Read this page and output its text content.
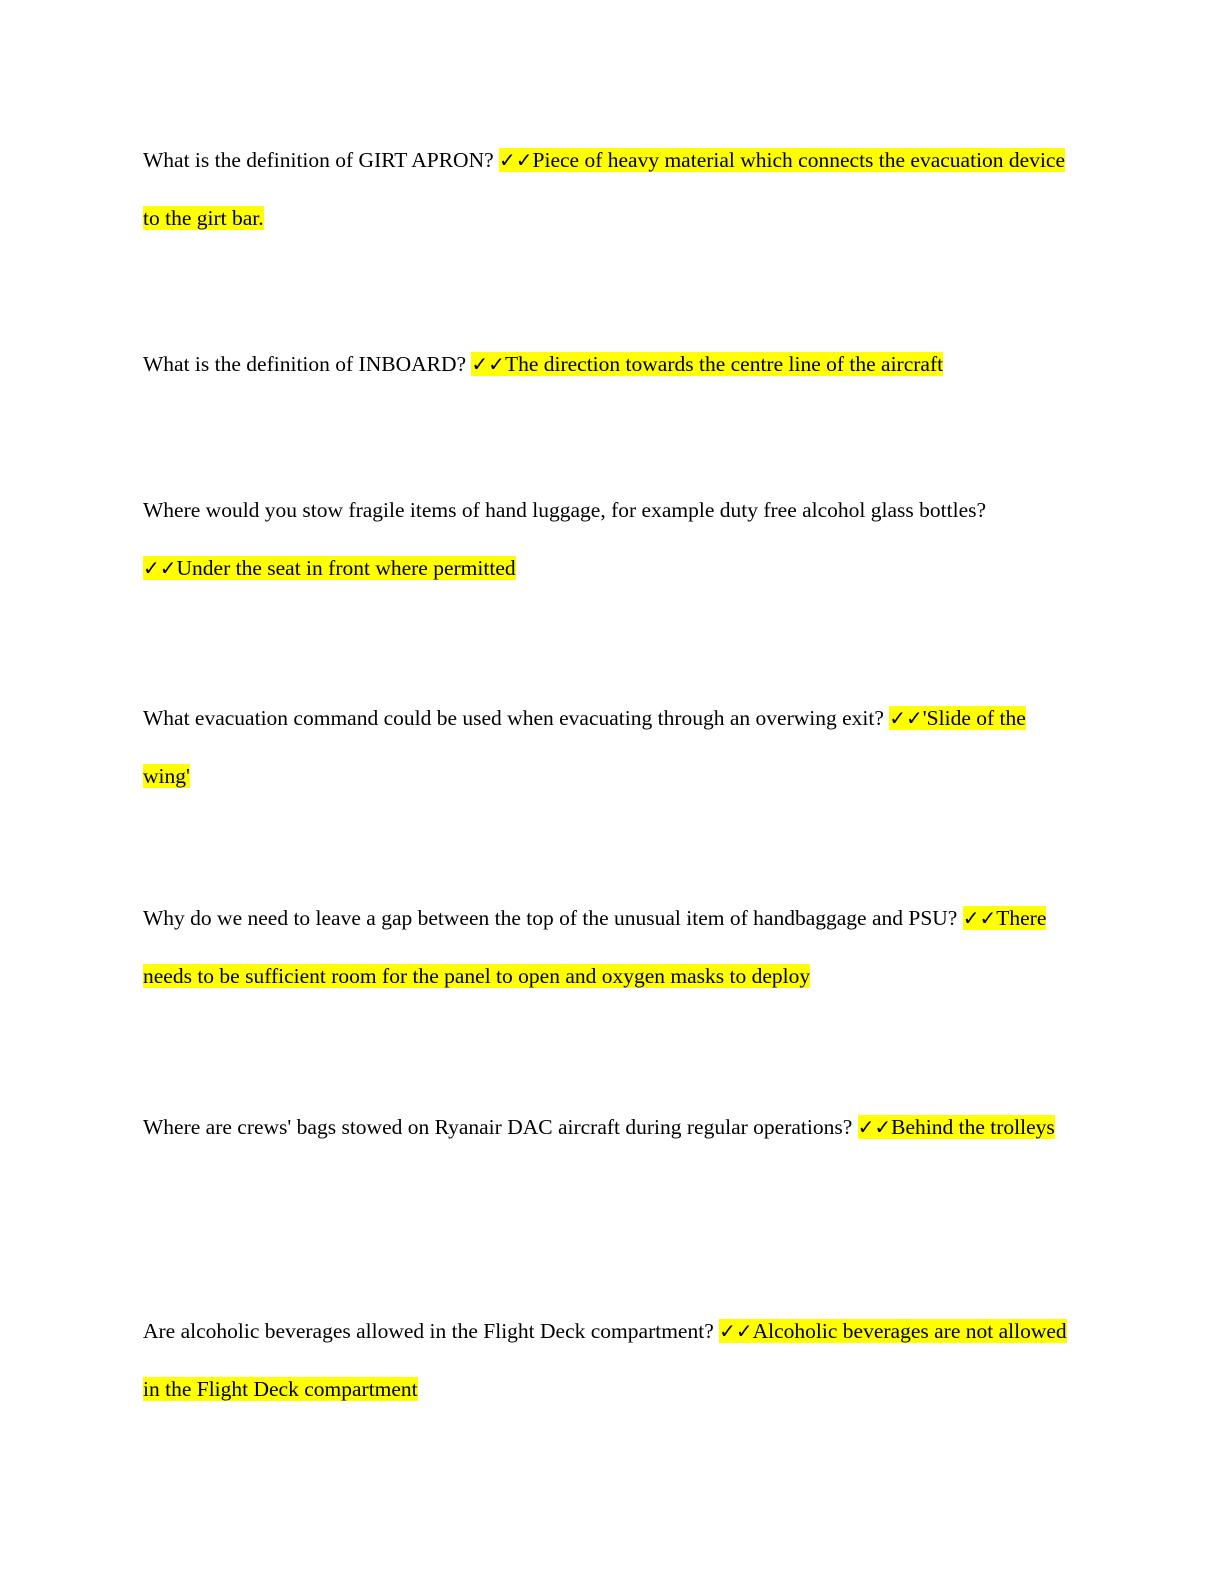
What is the definition of GIRT APRON? ✓✓Piece of heavy material which connects the evacuation device to the girt bar.

What is the definition of INBOARD? ✓✓The direction towards the centre line of the aircraft

Where would you stow fragile items of hand luggage, for example duty free alcohol glass bottles? ✓✓Under the seat in front where permitted

What evacuation command could be used when evacuating through an overwing exit? ✓✓'Slide of the wing'

Why do we need to leave a gap between the top of the unusual item of handbaggage and PSU? ✓✓There needs to be sufficient room for the panel to open and oxygen masks to deploy

Where are crews' bags stowed on Ryanair DAC aircraft during regular operations? ✓✓Behind the trolleys

Are alcoholic beverages allowed in the Flight Deck compartment? ✓✓Alcoholic beverages are not allowed in the Flight Deck compartment
